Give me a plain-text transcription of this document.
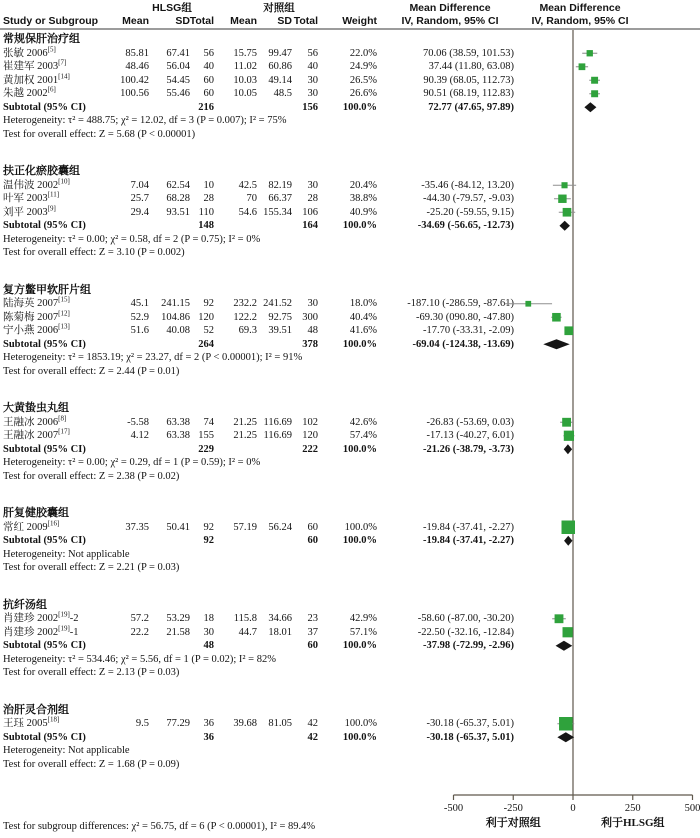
HLSG组	对照组	Mean Difference	Mean Difference
Study or Subgroup	Mean	SD Total	Mean	SD Total	Weight	IV, Random, 95% CI	IV, Random, 95% CI
常规保肝治疗组
张敏 2006[5]	85.81	67.41	56	15.75	99.47	56	22.0%	70.06 (38.59, 101.53)
崔建军 2003[7]	48.46	56.04	40	11.02	60.86	40	24.9%	37.44 (11.80, 63.08)
黄加权 2001[14]	100.42	54.45	60	10.03	49.14	30	26.5%	90.39 (68.05, 112.73)
朱越 2002[6]	100.56	55.46	60	10.05	48.5	30	26.6%	90.51 (68.19, 112.83)
Subtotal (95% CI)	216	156	100.0%	72.77 (47.65, 97.89)
Heterogeneity: τ² = 488.75; χ² = 12.02, df = 3 (P = 0.007); I² = 75%
Test for overall effect: Z = 5.68 (P < 0.00001)
扶正化瘀胶囊组
温伟波 2002[10]	7.04	62.54	10	42.5	82.19	30	20.4%	-35.46 (-84.12, 13.20)
叶军 2003[11]	25.7	68.28	28	70	66.37	28	38.8%	-44.30 (-79.57, -9.03)
刘平 2003[9]	29.4	93.51 110	54.6 155.34 106	40.9%	-25.20 (-59.55, 9.15)
Subtotal (95% CI)	148	164	100.0%	-34.69 (-56.65, -12.73)
Heterogeneity: τ² = 0.00; χ² = 0.58, df = 2 (P = 0.75); I² = 0%
Test for overall effect: Z = 3.10 (P = 0.002)
复方鳖甲软肝片组
陆海英 2007[15]	45.1	241.15	92	232.2 241.52	30	18.0%	-187.10 (-286.59, -87.61)
陈菊梅 2007[12]	52.9	104.86 120	122.2	92.75 300	40.4%	-69.30 (090.80, -47.80)
宁小燕 2006[13]	51.6	40.08	52	69.3	39.51	48	41.6%	-17.70 (-33.31, -2.09)
Subtotal (95% CI)	264	378	100.0%	-69.04 (-124.38, -13.69)
Heterogeneity: τ² = 1853.19; χ² = 23.27, df = 2 (P < 0.00001); I² = 91%
Test for overall effect: Z = 2.44 (P = 0.01)
大黄蛰虫丸组
王融冰 2006[8]	-5.58	63.38	74	21.25 116.69 102	42.6%	-26.83 (-53.69, 0.03)
王融冰 2007[17]	4.12	63.38 155	21.25 116.69 120	57.4%	-17.13 (-40.27, 6.01)
Subtotal (95% CI)	229	222	100.0%	-21.26 (-38.79, -3.73)
Heterogeneity: τ² = 0.00; χ² = 0.29, df = 1 (P = 0.59); I² = 0%
Test for overall effect: Z = 2.38 (P = 0.02)
肝复健胶囊组
常红 2009[16]	37.35	50.41	92	57.19	56.24	60	100.0%	-19.84 (-37.41, -2.27)
Subtotal (95% CI)	92	60	100.0%	-19.84 (-37.41, -2.27)
Heterogeneity: Not applicable
Test for overall effect: Z = 2.21 (P = 0.03)
抗纤汤组
肖建珍 2002[19]-2	57.2	53.29	18	115.8	34.66	23	42.9%	-58.60 (-87.00, -30.20)
肖建珍 2002[19]-1	22.2	21.58	30	44.7	18.01	37	57.1%	-22.50 (-32.16, -12.84)
Subtotal (95% CI)	48	60	100.0%	-37.98 (-72.99, -2.96)
Heterogeneity: τ² = 534.46; χ² = 5.56, df = 1 (P = 0.02); I² = 82%
Test for overall effect: Z = 2.13 (P = 0.03)
治肝灵合剂组
王珏 2005[18]	9.5	77.29	36	39.68	81.05	42	100.0%	-30.18 (-65.37, 5.01)
Subtotal (95% CI)	36	42	100.0%	-30.18 (-65.37, 5.01)
Heterogeneity: Not applicable
Test for overall effect: Z = 1.68 (P = 0.09)
-500	-250	0	250	500
利于对照组	利于HLSG组
Test for subgroup differences: χ² = 56.75, df = 6 (P < 0.00001), I² = 89.4%
